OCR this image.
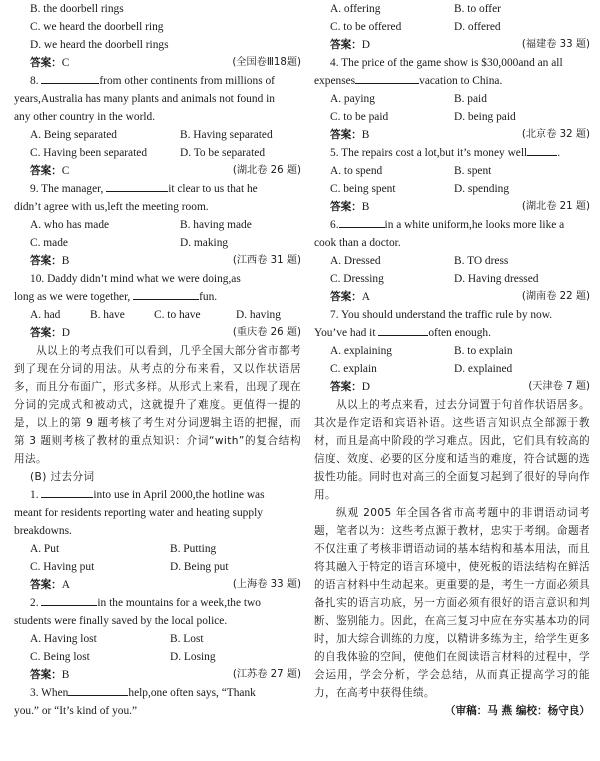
B. the doorbell rings
C. we heard the doorbell ring
D. we heard the doorbell rings
答案：C	(全国卷Ⅲ18题)
8.	from other continents from millions of
years,Australia has many plants and animals not found in
any other country in the world.
A. Being separated	B. Having separated
C. Having been separated	D. To be separated
答案：C	(湖北卷 26 题)
9. The manager,	it clear to us that he
didn’t agree with us,left the meeting room.
A. who has made	B. having made
C. made	D. making
答案：B	(江西卷 31 题)
10. Daddy didn’t mind what we were doing,as
long as we were together,	fun.
A. had	B. have	C. to have	D. having
答案：D	(重庆卷 26 题)
从以上的考点我们可以看到，几乎全国大部分省市都考到了现在分词的用法。从考点的分布来看，又以作状语居多，而且分布面广，形式多样。从形式上来看，出现了现在分词的完成式和被动式，这就提升了难度。更值得一提的是，以上的第 9 题考核了考生对分词逻辑主语的把握，而第 3 题则考核了教材的重点知识：介词“with”的复合结构用法。
(B) 过去分词
1.	into use in April 2000,the hotline was
meant for residents reporting water and heating supply
breakdowns.
A. Put	B. Putting
C. Having put	D. Being put
答案：A	(上海卷 33 题)
2.	in the mountains for a week,the two
students were finally saved by the local police.
A. Having lost	B. Lost
C. Being lost	D. Losing
答案：B	(江苏卷 27 题)
3. When	help,one often says, “Thank
you.” or “It’s kind of you.”
A. offering	B. to offer
C. to be offered	D. offered
答案：D	(福建卷 33 题)
4. The price of the game show is $30,000and an all
expenses	vacation to China.
A. paying	B. paid
C. to be paid	D. being paid
答案：B	(北京卷 32 题)
5. The repairs cost a lot,but it’s money well	.
A. to spend	B. spent
C. being spent	D. spending
答案：B	(湖北卷 21 题)
6.	in a white uniform,he looks more like a
cook than a doctor.
A. Dressed	B. TO dress
C. Dressing	D. Having dressed
答案：A	(湖南卷 22 题)
7. You should understand the traffic rule by now.
You’ve had it	often enough.
A. explaining	B. to explain
C. explain	D. explained
答案：D	(天津卷 7 题)
从以上的考点来看，过去分词置于句首作状语居多。其次是作定语和宾语补语。这些语言知识点全部源于教材，而且是高中阶段的学习难点。因此，它们具有较高的信度、效度、必要的区分度和适当的难度，符合试题的选拔性功能。同时也对高三的全面复习起到了很好的导向作用。
纵观 2005 年全国各省市高考题中的非谓语动词考题，笔者以为：这些考点源于教材，忠实于考纲。命题者不仅注重了考核非谓语动词的基本结构和基本用法，而且将其融入于特定的语言环境中，使死板的语法结构在鲜活的语言材料中生动起来。更重要的是，考生一方面必须具备扎实的语言功底，另一方面必须有很好的语言意识和判断、鉴别能力。因此，在高三复习中应在夯实基本功的同时，加大综合训练的力度，以精讲多练为主，给学生更多的自我体验的空间，使他们在阅读语言材料的过程中，学会运用，学会分析，学会总结，从而真正提高学习的能力，在高考中获得佳绩。
（审稿：马 燕 编校：杨守良）
